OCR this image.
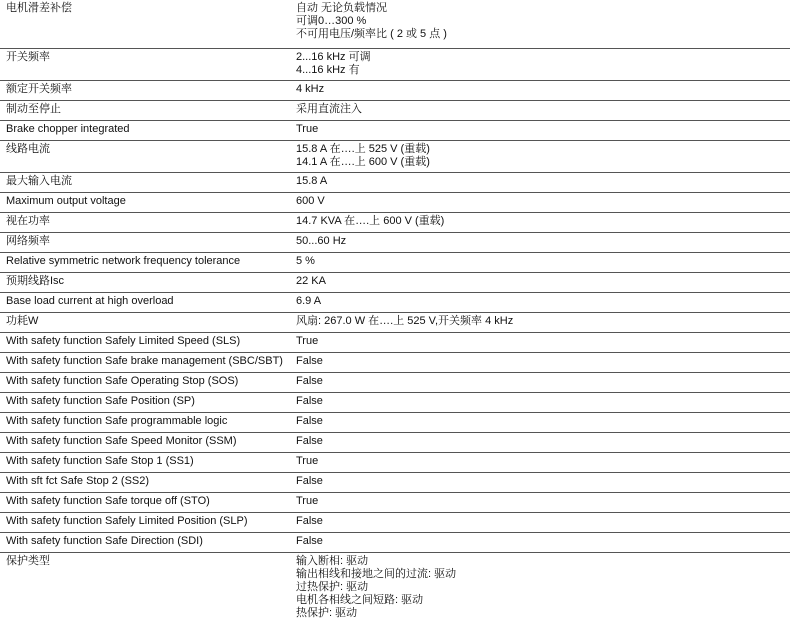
电机滑差补偿	自动 无论负载情况
可调0…300 %
不可用电压/频率比 ( 2 或 5 点 )
开关频率	2...16 kHz 可调
4...16 kHz 有
额定开关频率	4 kHz
制动至停止	采用直流注入
Brake chopper integrated	True
线路电流	15.8 A 在….上 525 V (重载)
14.1 A 在….上 600 V (重载)
最大输入电流	15.8 A
Maximum output voltage	600 V
视在功率	14.7 KVA 在….上 600 V (重载)
网络频率	50...60 Hz
Relative symmetric network frequency tolerance	5 %
预期线路Isc	22 KA
Base load current at high overload	6.9 A
功耗W	风扇: 267.0 W 在….上 525 V,开关频率 4 kHz
With safety function Safely Limited Speed (SLS)	True
With safety function Safe brake management (SBC/SBT) False
With safety function Safe Operating Stop (SOS)	False
With safety function Safe Position (SP)	False
With safety function Safe programmable logic	False
With safety function Safe Speed Monitor (SSM)	False
With safety function Safe Stop 1 (SS1)	True
With sft fct Safe Stop 2 (SS2)	False
With safety function Safe torque off (STO)	True
With safety function Safely Limited Position (SLP)	False
With safety function Safe Direction (SDI)	False
保护类型	输入断相: 驱动
输出相线和接地之间的过流: 驱动
过热保护: 驱动
电机各相线之间短路: 驱动
热保护: 驱动
